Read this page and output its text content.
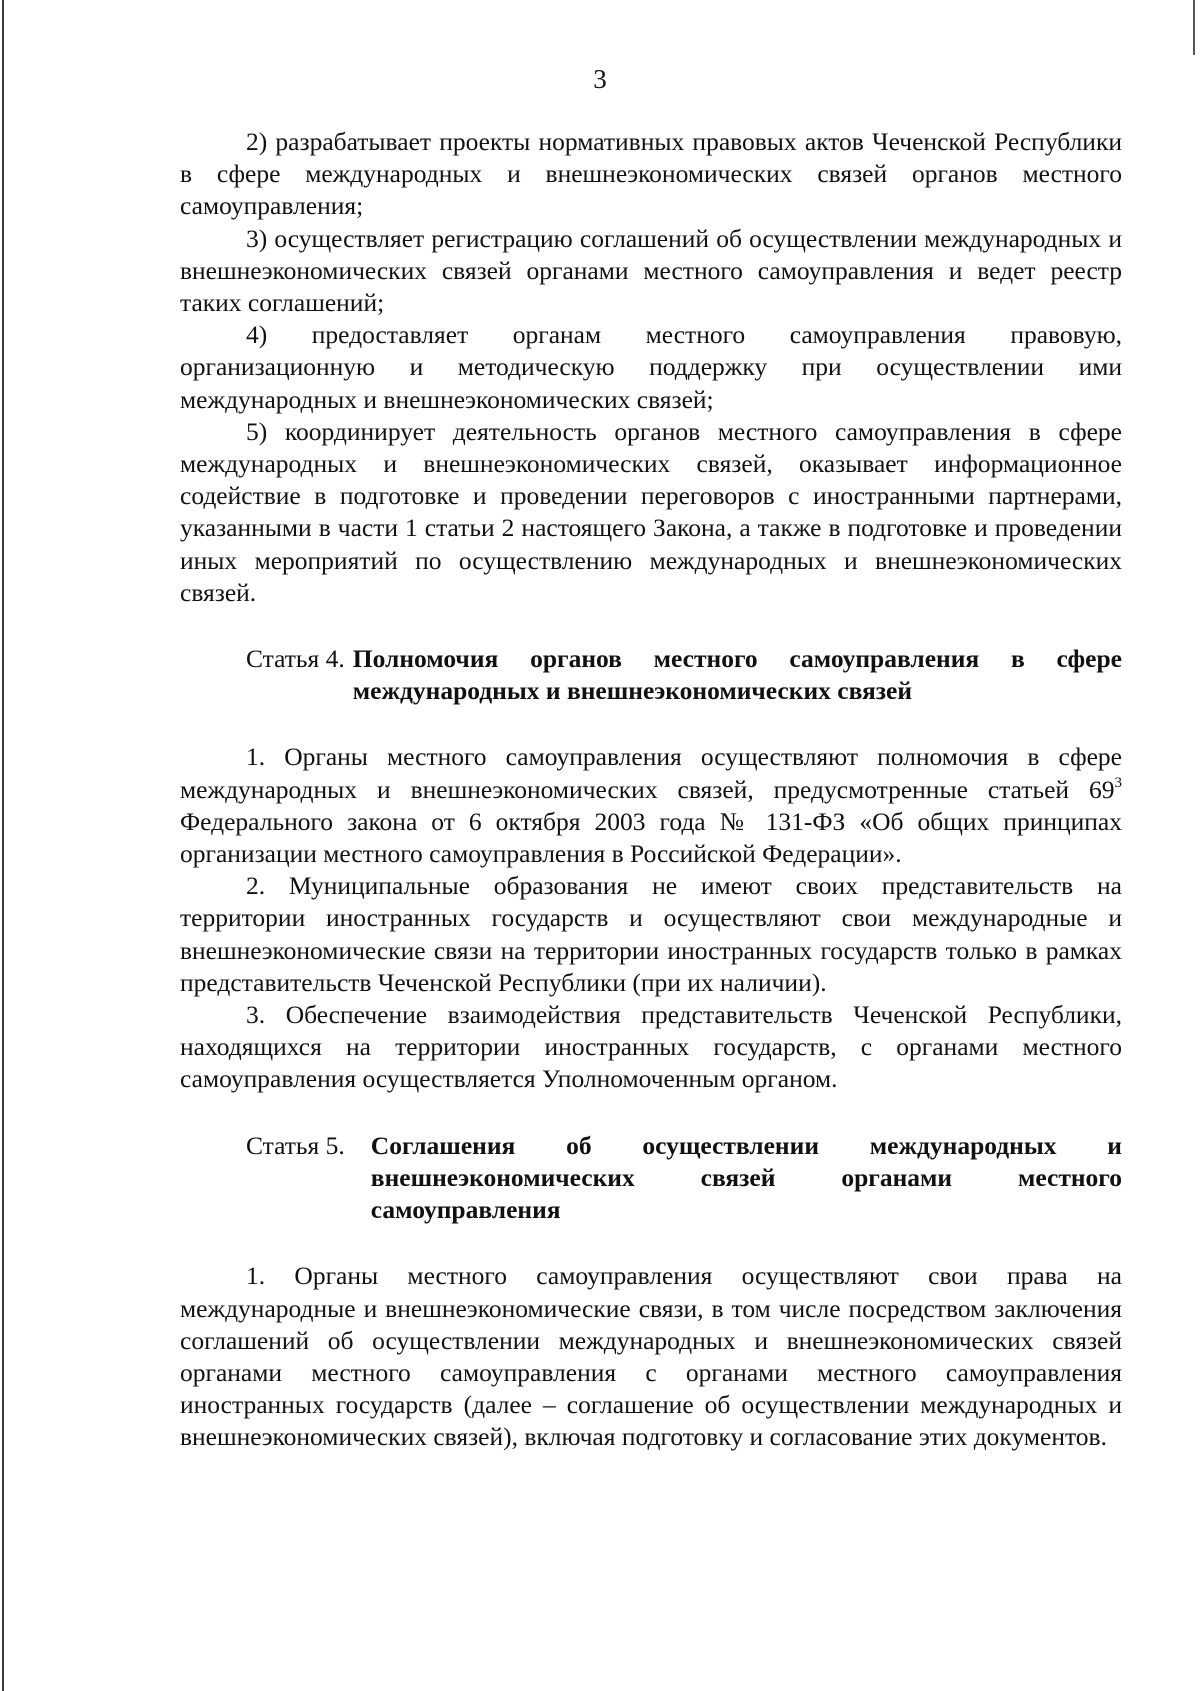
3

2) разрабатывает проекты нормативных правовых актов Чеченской Республики в сфере международных и внешнеэкономических связей органов местного самоуправления;

3) осуществляет регистрацию соглашений об осуществлении международных и внешнеэкономических связей органами местного самоуправления и ведет реестр таких соглашений;

4) предоставляет органам местного самоуправления правовую, организационную и методическую поддержку при осуществлении ими международных и внешнеэкономических связей;

5) координирует деятельность органов местного самоуправления в сфере международных и внешнеэкономических связей, оказывает информационное содействие в подготовке и проведении переговоров с иностранными партнерами, указанными в части 1 статьи 2 настоящего Закона, а также в подготовке и проведении иных мероприятий по осуществлению международных и внешнеэкономических связей.

Статья 4. Полномочия органов местного самоуправления в сфере международных и внешнеэкономических связей

1. Органы местного самоуправления осуществляют полномочия в сфере международных и внешнеэкономических связей, предусмотренные статьей $69^3$ Федерального закона от 6 октября 2003 года № 131-ФЗ «Об общих принципах организации местного самоуправления в Российской Федерации».

2. Муниципальные образования не имеют своих представительств на территории иностранных государств и осуществляют свои международные и внешнеэкономические связи на территории иностранных государств только в рамках представительств Чеченской Республики (при их наличии).

3. Обеспечение взаимодействия представительств Чеченской Республики, находящихся на территории иностранных государств, с органами местного самоуправления осуществляется Уполномоченным органом.

Статья 5.	Соглашения об осуществлении международных и внешнеэкономических связей органами местного самоуправления

1. Органы местного самоуправления осуществляют свои права на международные и внешнеэкономические связи, в том числе посредством заключения соглашений об осуществлении международных и внешнеэкономических связей органами местного самоуправления с органами местного самоуправления иностранных государств (далее – соглашение об осуществлении международных и внешнеэкономических связей), включая подготовку и согласование этих документов.
